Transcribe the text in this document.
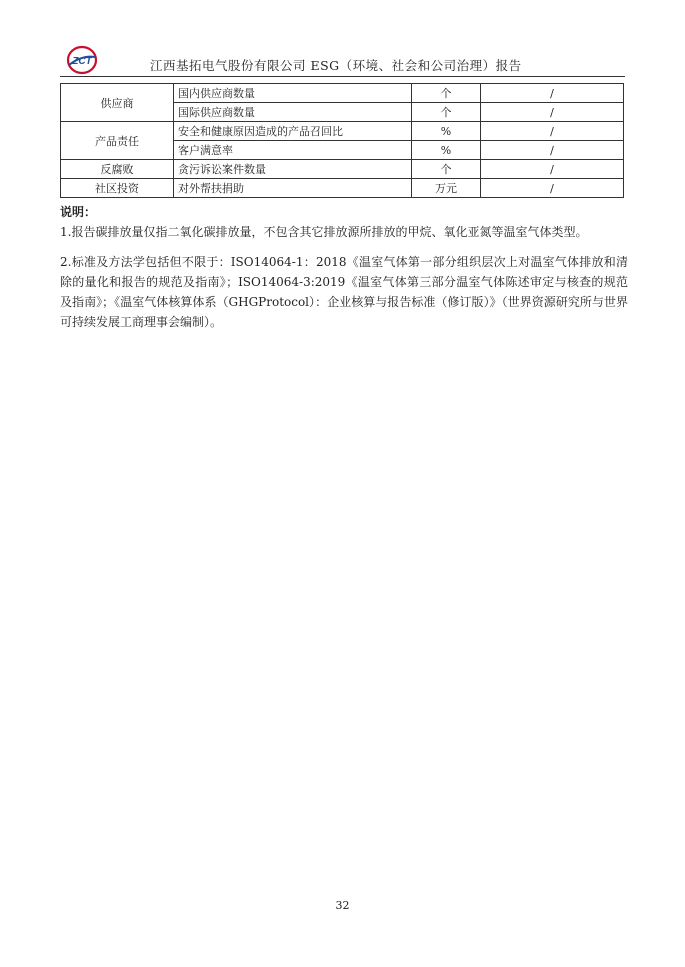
ZCT	江西基拓电气股份有限公司 ESG（环境、社会和公司治理）报告
供应商	国内供应商数量	个	/
	国际供应商数量	个	/
产品责任	安全和健康原因造成的产品召回比	%	/
	客户满意率	%	/
反腐败	贪污诉讼案件数量	个	/
社区投资	对外帮扶捐助	万元	/
说明：

1.报告碳排放量仅指二氧化碳排放量，不包含其它排放源所排放的甲烷、氧化亚氮等温室气体类型。

2.标准及方法学包括但不限于：ISO14064-1：2018《温室气体第一部分组织层次上对温室气体排放和清除的量化和报告的规范及指南》；ISO14064-3:2019《温室气体第三部分温室气体陈述审定与核查的规范及指南》；《温室气体核算体系（GHGProtocol）：企业核算与报告标准（修订版）》（世界资源研究所与世界可持续发展工商理事会编制）。

32
